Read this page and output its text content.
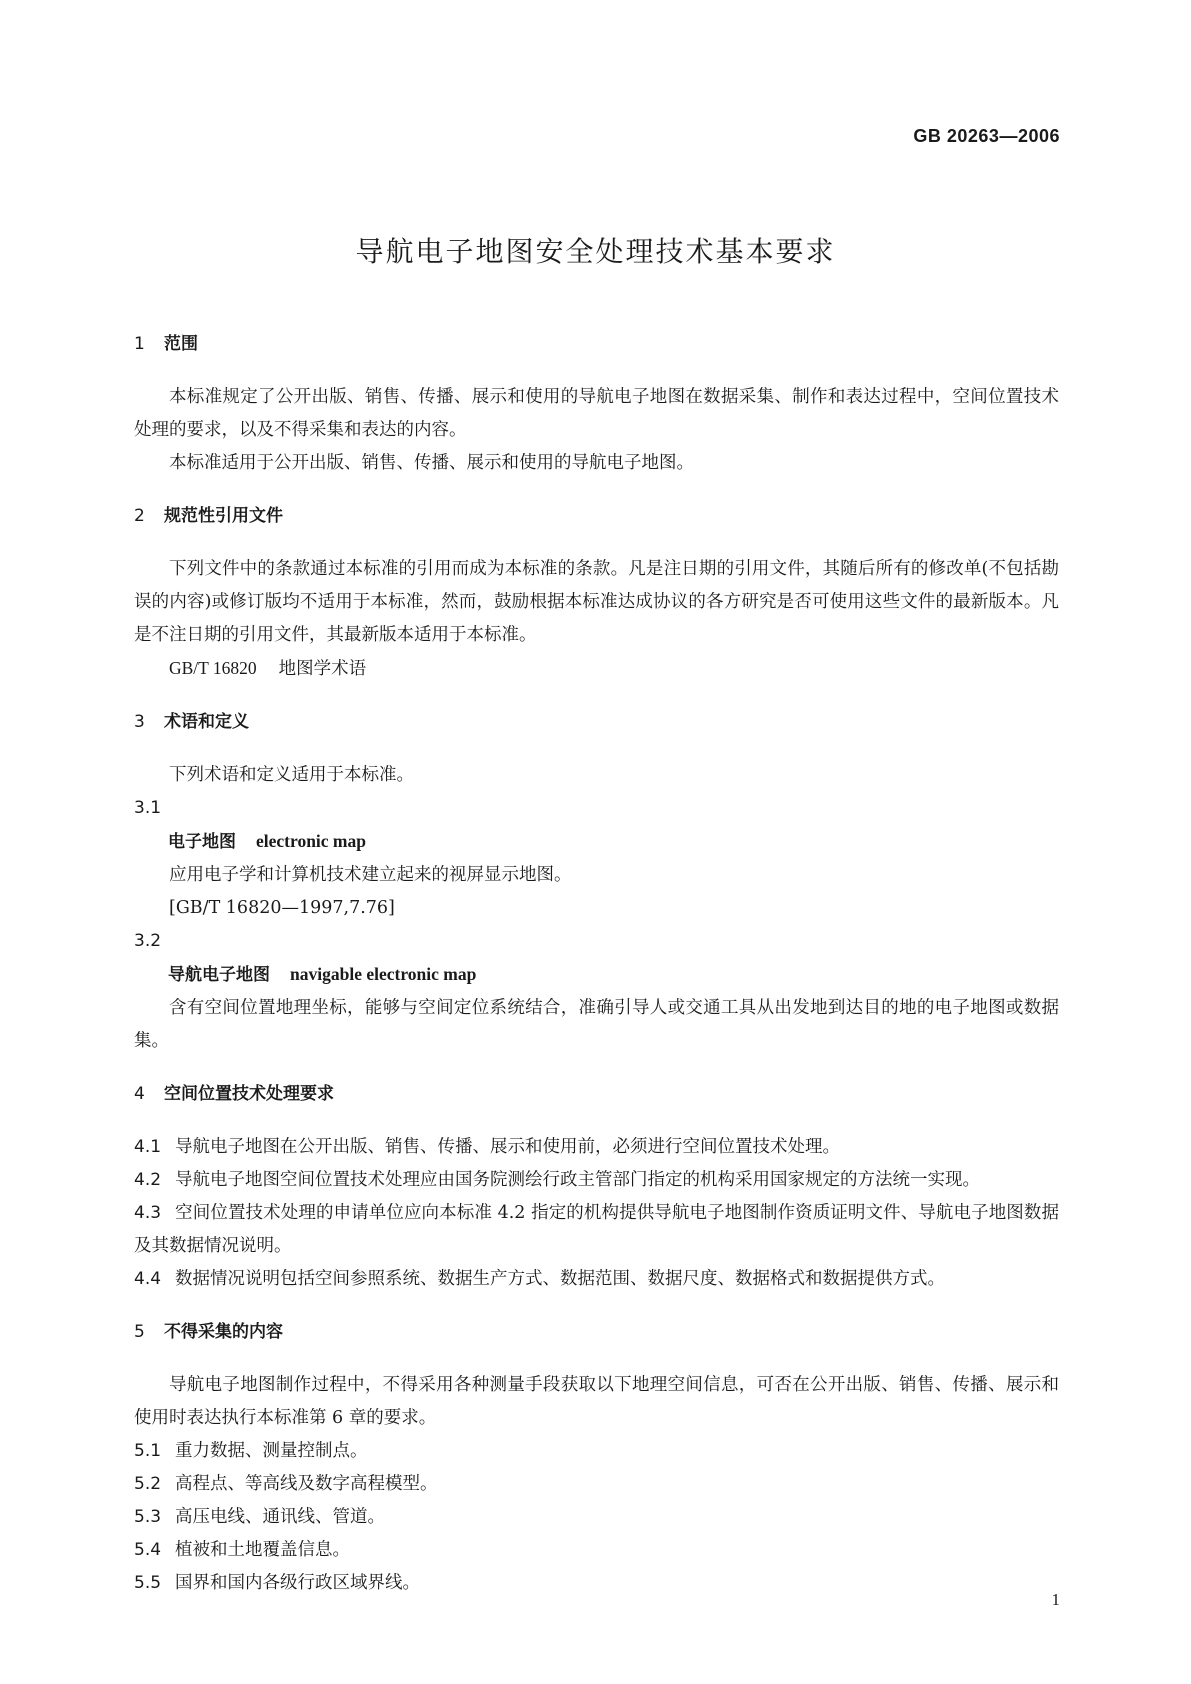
GB 20263—2006
导航电子地图安全处理技术基本要求

1 范围

本标准规定了公开出版、销售、传播、展示和使用的导航电子地图在数据采集、制作和表达过程中，空间位置技术处理的要求，以及不得采集和表达的内容。

本标准适用于公开出版、销售、传播、展示和使用的导航电子地图。

2 规范性引用文件

下列文件中的条款通过本标准的引用而成为本标准的条款。凡是注日期的引用文件，其随后所有的修改单(不包括勘误的内容)或修订版均不适用于本标准，然而，鼓励根据本标准达成协议的各方研究是否可使用这些文件的最新版本。凡是不注日期的引用文件，其最新版本适用于本标准。

GB/T 16820 地图学术语

3 术语和定义

下列术语和定义适用于本标准。

3.1

电子地图 electronic map

应用电子学和计算机技术建立起来的视屏显示地图。

[GB/T 16820—1997,7.76]

3.2

导航电子地图 navigable electronic map

含有空间位置地理坐标，能够与空间定位系统结合，准确引导人或交通工具从出发地到达目的地的电子地图或数据集。

4 空间位置技术处理要求

4.1 导航电子地图在公开出版、销售、传播、展示和使用前，必须进行空间位置技术处理。

4.2 导航电子地图空间位置技术处理应由国务院测绘行政主管部门指定的机构采用国家规定的方法统一实现。

4.3 空间位置技术处理的申请单位应向本标准 4.2 指定的机构提供导航电子地图制作资质证明文件、导航电子地图数据及其数据情况说明。

4.4 数据情况说明包括空间参照系统、数据生产方式、数据范围、数据尺度、数据格式和数据提供方式。

5 不得采集的内容

导航电子地图制作过程中，不得采用各种测量手段获取以下地理空间信息，可否在公开出版、销售、传播、展示和使用时表达执行本标准第 6 章的要求。

5.1 重力数据、测量控制点。

5.2 高程点、等高线及数字高程模型。

5.3 高压电线、通讯线、管道。

5.4 植被和土地覆盖信息。

5.5 国界和国内各级行政区域界线。

1
